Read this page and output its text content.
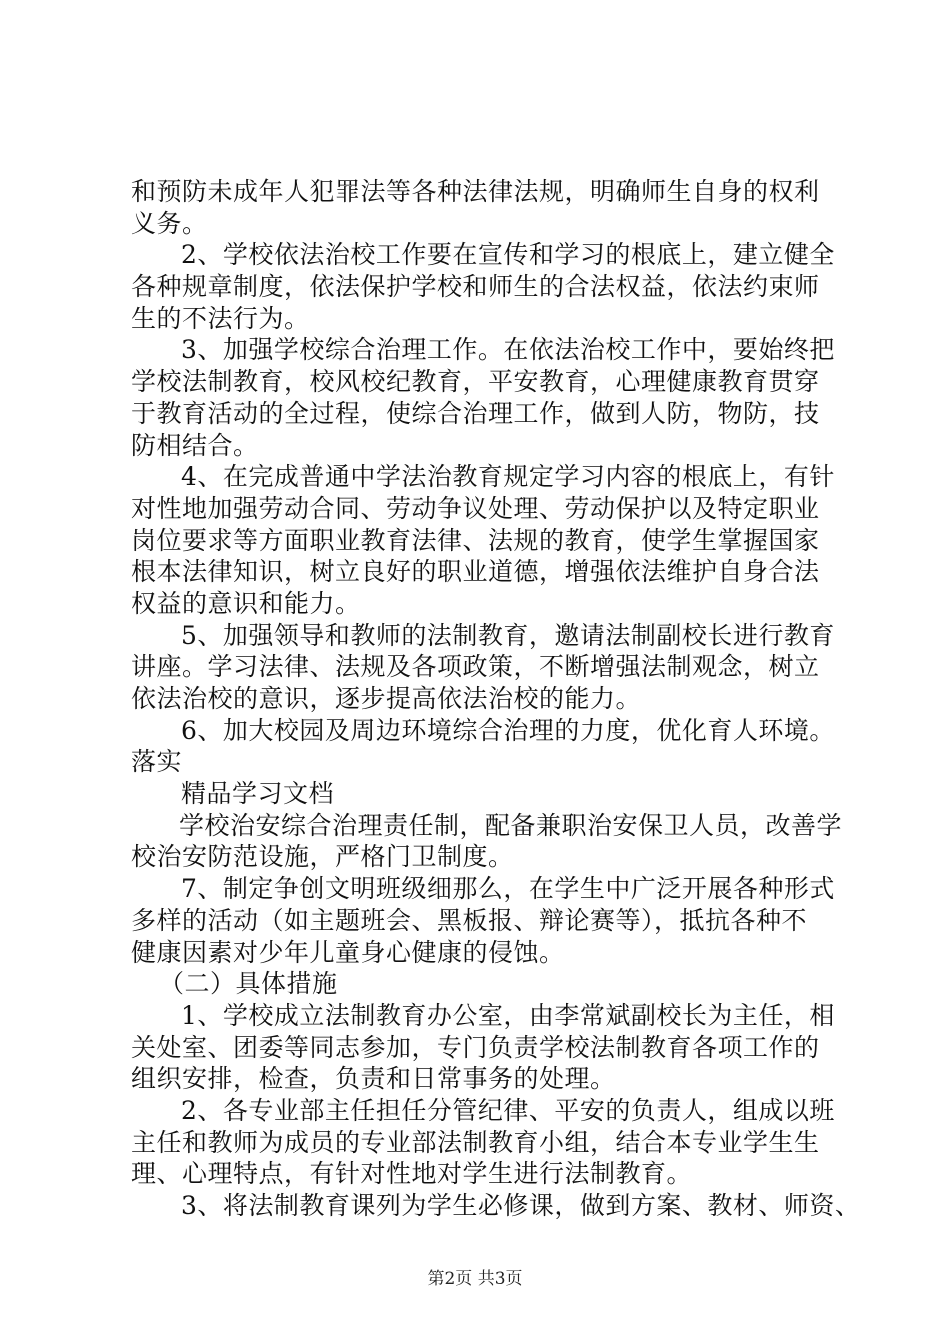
和预防未成年人犯罪法等各种法律法规，明确师生自身的权利
义务。
2、学校依法治校工作要在宣传和学习的根底上，建立健全
各种规章制度，依法保护学校和师生的合法权益，依法约束师
生的不法行为。
3、加强学校综合治理工作。在依法治校工作中，要始终把
学校法制教育，校风校纪教育，平安教育，心理健康教育贯穿
于教育活动的全过程，使综合治理工作，做到人防，物防，技
防相结合。
4、在完成普通中学法治教育规定学习内容的根底上，有针
对性地加强劳动合同、劳动争议处理、劳动保护以及特定职业
岗位要求等方面职业教育法律、法规的教育，使学生掌握国家
根本法律知识，树立良好的职业道德，增强依法维护自身合法
权益的意识和能力。
5、加强领导和教师的法制教育，邀请法制副校长进行教育
讲座。学习法律、法规及各项政策，不断增强法制观念，树立
依法治校的意识，逐步提高依法治校的能力。
6、加大校园及周边环境综合治理的力度，优化育人环境。
落实
精品学习文档
学校治安综合治理责任制，配备兼职治安保卫人员，改善学
校治安防范设施，严格门卫制度。
7、制定争创文明班级细那么，在学生中广泛开展各种形式
多样的活动（如主题班会、黑板报、辩论赛等），抵抗各种不
健康因素对少年儿童身心健康的侵蚀。
（二）具体措施
1、学校成立法制教育办公室，由李常斌副校长为主任，相
关处室、团委等同志参加，专门负责学校法制教育各项工作的
组织安排，检查，负责和日常事务的处理。
2、各专业部主任担任分管纪律、平安的负责人，组成以班
主任和教师为成员的专业部法制教育小组，结合本专业学生生
理、心理特点，有针对性地对学生进行法制教育。
3、将法制教育课列为学生必修课，做到方案、教材、师资、
第2页 共3页
